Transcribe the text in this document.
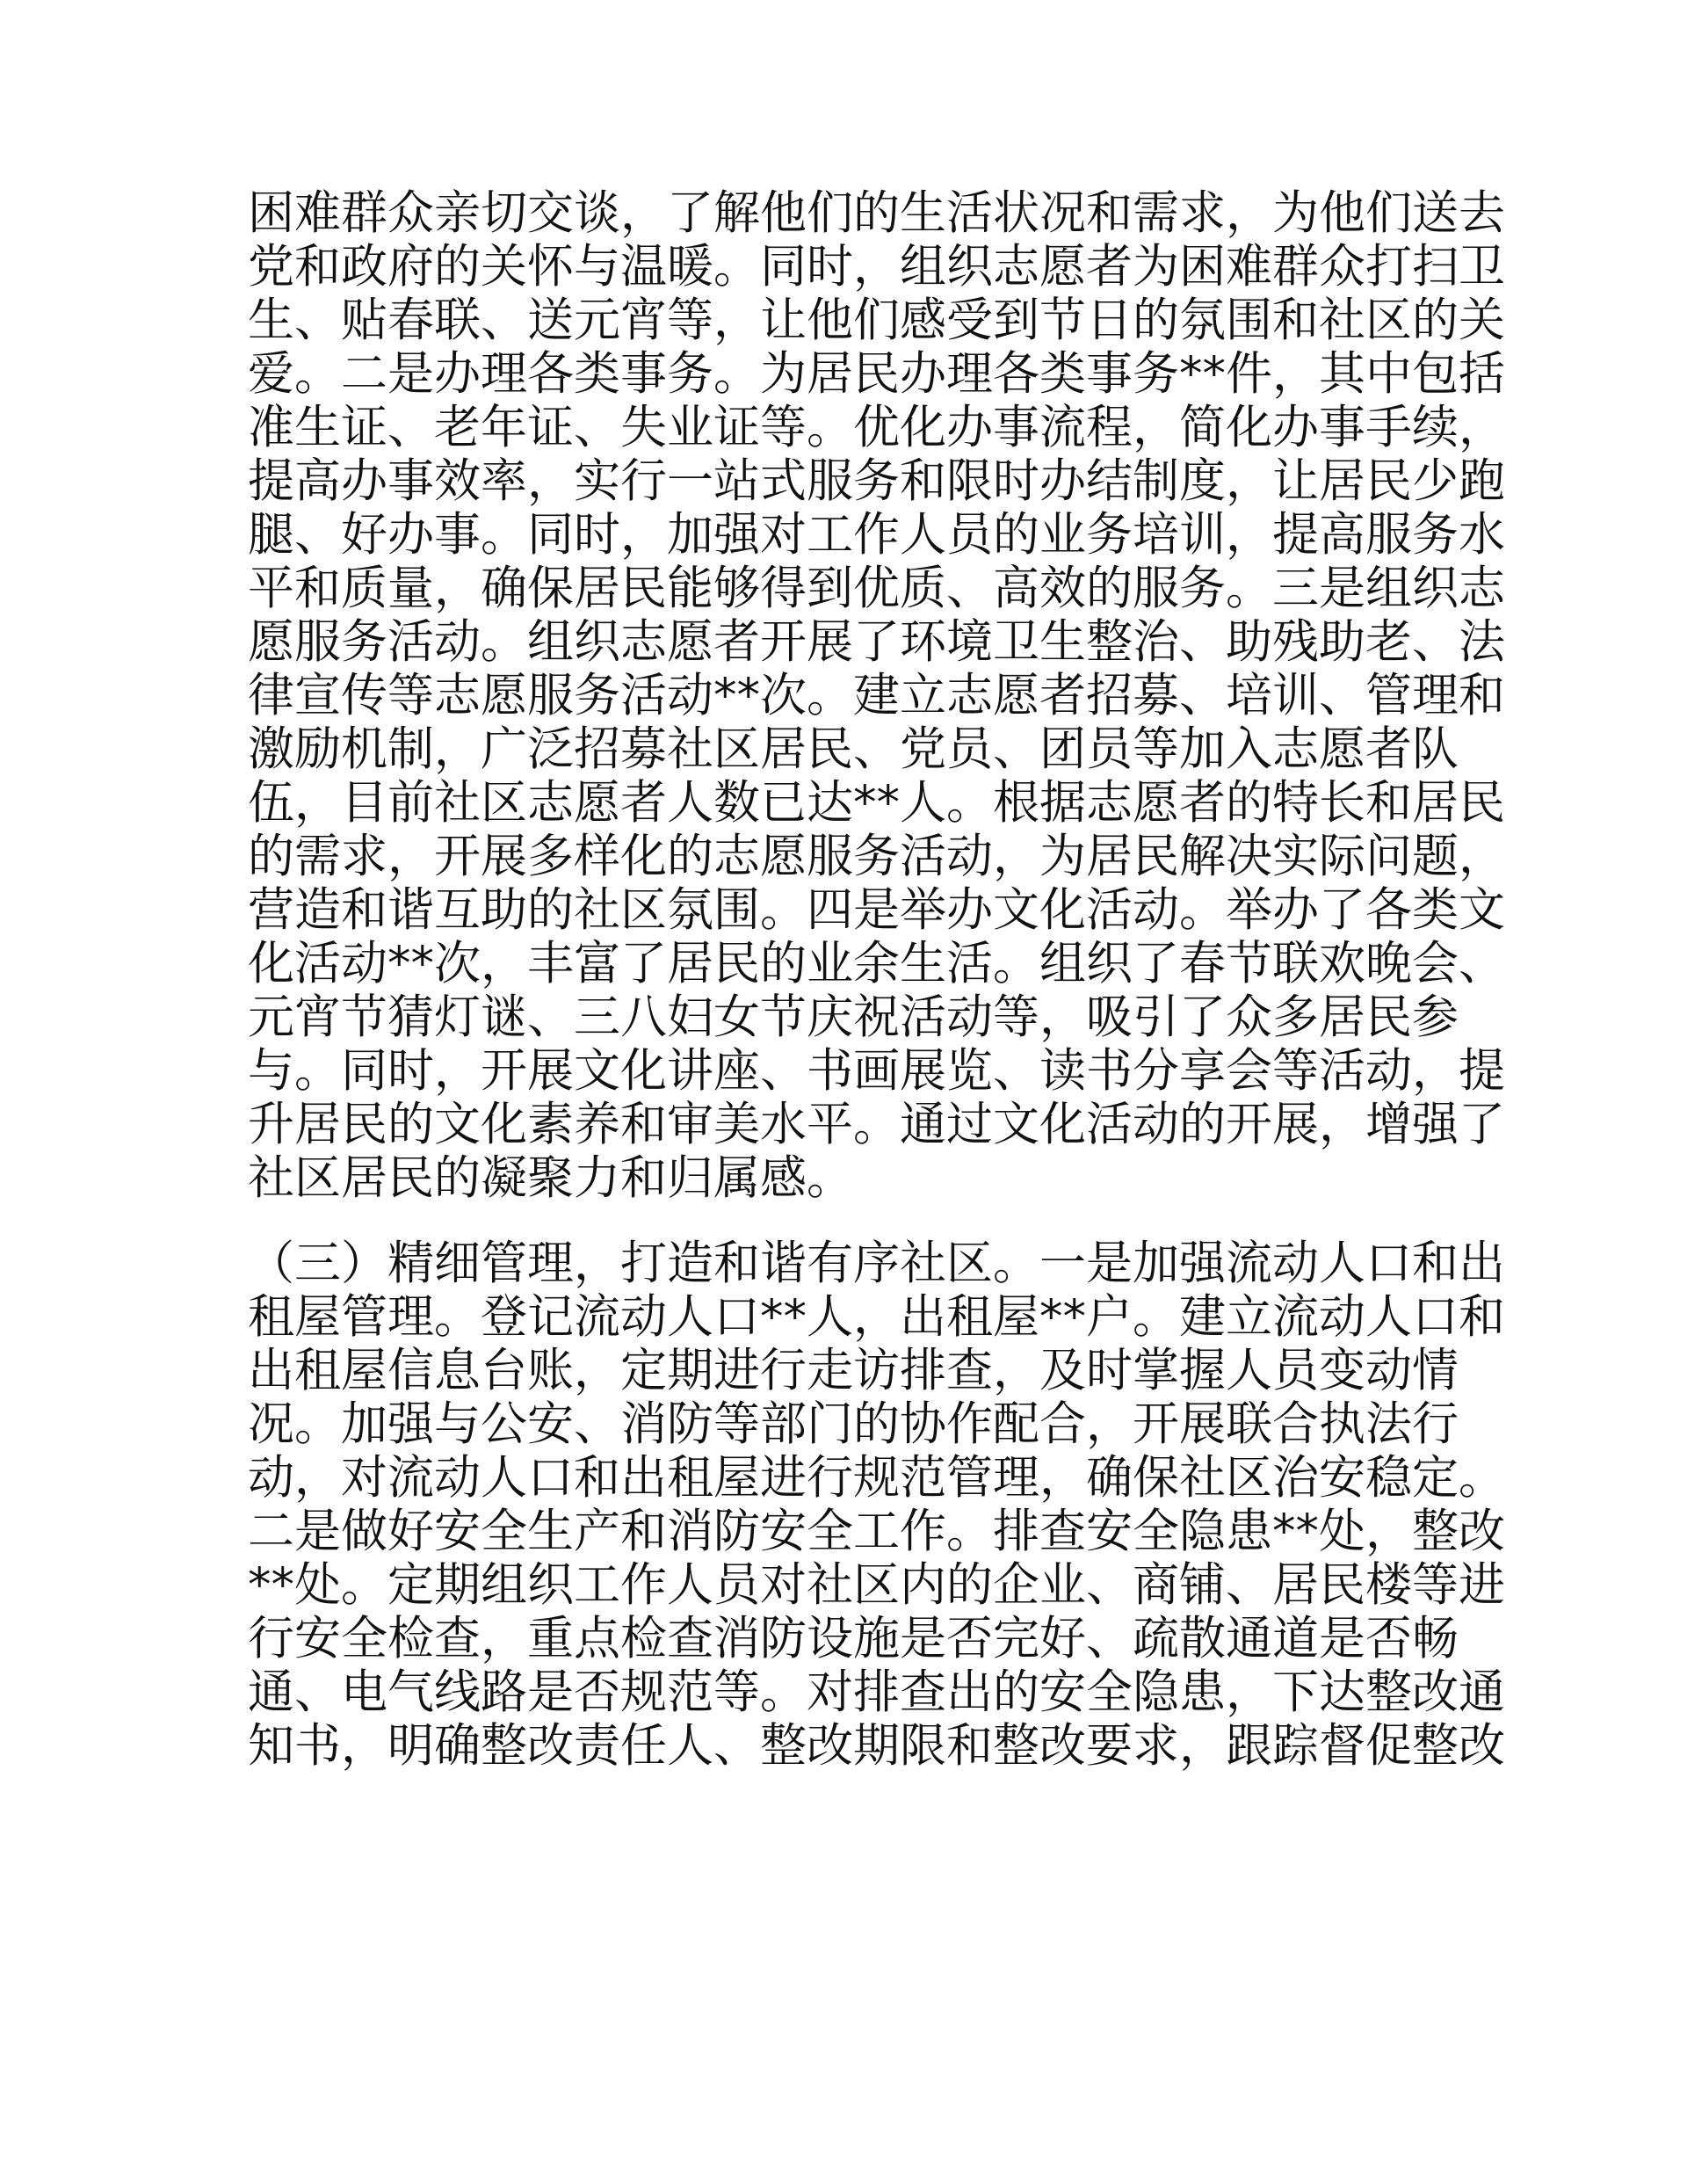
困难群众亲切交谈，了解他们的生活状况和需求，为他们送去
党和政府的关怀与温暖。同时，组织志愿者为困难群众打扫卫
生、贴春联、送元宵等，让他们感受到节日的氛围和社区的关
爱。二是办理各类事务。为居民办理各类事务**件，其中包括
准生证、老年证、失业证等。优化办事流程，简化办事手续，
提高办事效率，实行一站式服务和限时办结制度，让居民少跑
腿、好办事。同时，加强对工作人员的业务培训，提高服务水
平和质量，确保居民能够得到优质、高效的服务。三是组织志
愿服务活动。组织志愿者开展了环境卫生整治、助残助老、法
律宣传等志愿服务活动**次。建立志愿者招募、培训、管理和
激励机制，广泛招募社区居民、党员、团员等加入志愿者队
伍，目前社区志愿者人数已达**人。根据志愿者的特长和居民
的需求，开展多样化的志愿服务活动，为居民解决实际问题，
营造和谐互助的社区氛围。四是举办文化活动。举办了各类文
化活动**次，丰富了居民的业余生活。组织了春节联欢晚会、
元宵节猜灯谜、三八妇女节庆祝活动等，吸引了众多居民参
与。同时，开展文化讲座、书画展览、读书分享会等活动，提
升居民的文化素养和审美水平。通过文化活动的开展，增强了
社区居民的凝聚力和归属感。
（三）精细管理，打造和谐有序社区。一是加强流动人口和出
租屋管理。登记流动人口**人，出租屋**户。建立流动人口和
出租屋信息台账，定期进行走访排查，及时掌握人员变动情
况。加强与公安、消防等部门的协作配合，开展联合执法行
动，对流动人口和出租屋进行规范管理，确保社区治安稳定。
二是做好安全生产和消防安全工作。排查安全隐患**处，整改
**处。定期组织工作人员对社区内的企业、商铺、居民楼等进
行安全检查，重点检查消防设施是否完好、疏散通道是否畅
通、电气线路是否规范等。对排查出的安全隐患，下达整改通
知书，明确整改责任人、整改期限和整改要求，跟踪督促整改
